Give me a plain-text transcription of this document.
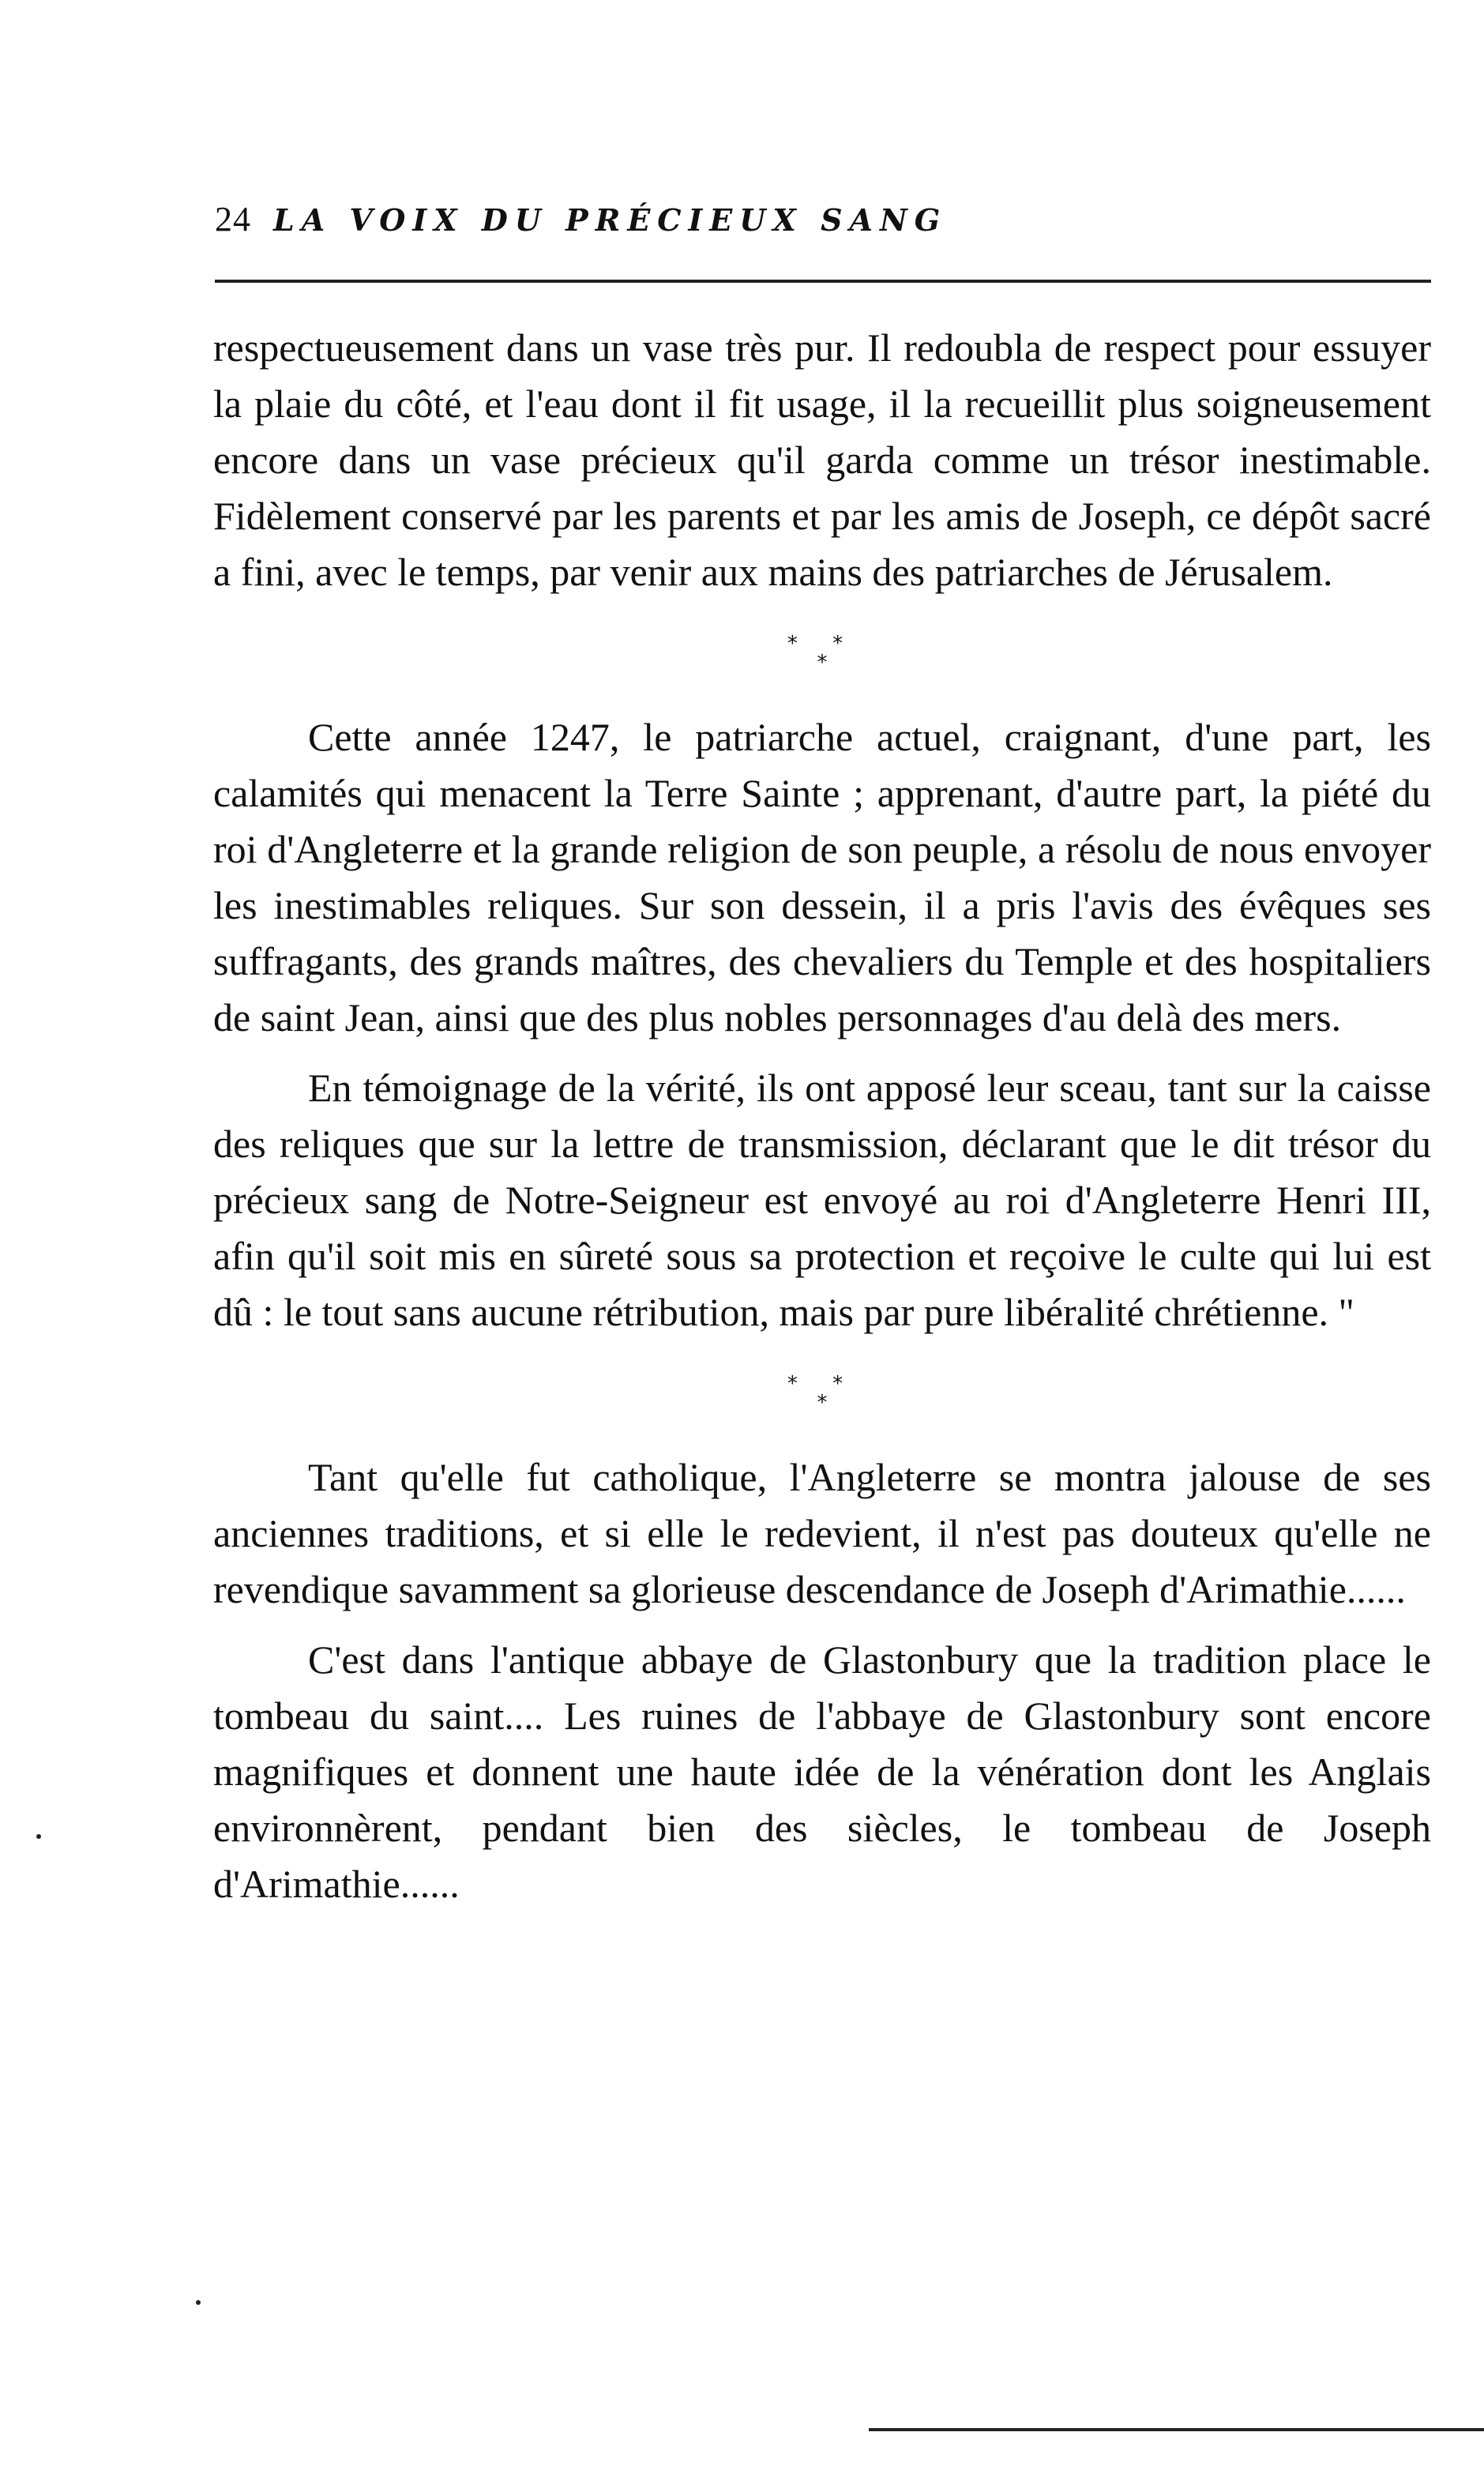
24 LA VOIX DU PRÉCIEUX SANG

respectueusement dans un vase très pur. Il redoubla de respect pour essuyer la plaie du côté, et l'eau dont il fit usage, il la recueillit plus soigneusement encore dans un vase précieux qu'il garda comme un trésor inestimable. Fidèlement conservé par les parents et par les amis de Joseph, ce dépôt sacré a fini, avec le temps, par venir aux mains des patriarches de Jérusalem.

* *
*

Cette année 1247, le patriarche actuel, craignant, d'une part, les calamités qui menacent la Terre Sainte ; apprenant, d'autre part, la piété du roi d'Angleterre et la grande religion de son peuple, a résolu de nous envoyer les inestimables reliques. Sur son dessein, il a pris l'avis des évêques ses suffragants, des grands maîtres, des chevaliers du Temple et des hospitaliers de saint Jean, ainsi que des plus nobles personnages d'au delà des mers.

En témoignage de la vérité, ils ont apposé leur sceau, tant sur la caisse des reliques que sur la lettre de transmission, déclarant que le dit trésor du précieux sang de Notre-Seigneur est envoyé au roi d'Angleterre Henri III, afin qu'il soit mis en sûreté sous sa protection et reçoive le culte qui lui est dû : le tout sans aucune rétribution, mais par pure libéralité chrétienne. "

* *
*

Tant qu'elle fut catholique, l'Angleterre se montra jalouse de ses anciennes traditions, et si elle le redevient, il n'est pas douteux qu'elle ne revendique savamment sa glorieuse descendance de Joseph d'Arimathie......

C'est dans l'antique abbaye de Glastonbury que la tradition place le tombeau du saint.... Les ruines de l'abbaye de Glastonbury sont encore magnifiques et donnent une haute idée de la vénération dont les Anglais environnèrent, pendant bien des siècles, le tombeau de Joseph d'Arimathie......
